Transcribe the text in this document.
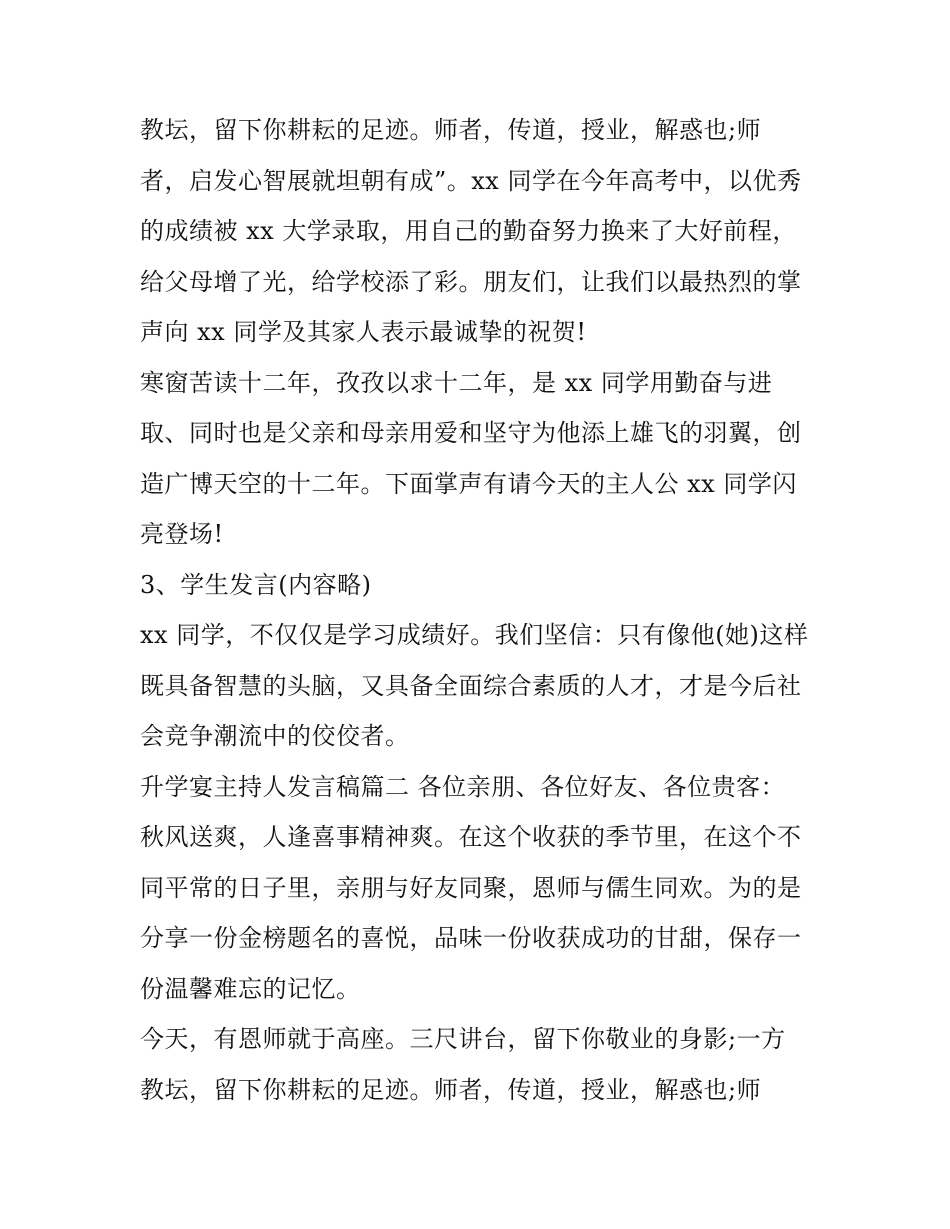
教坛，留下你耕耘的足迹。师者，传道，授业，解惑也;师
者，启发心智展就坦朝有成”。xx 同学在今年高考中，以优秀
的成绩被 xx 大学录取，用自己的勤奋努力换来了大好前程，
给父母增了光，给学校添了彩。朋友们，让我们以最热烈的掌
声向 xx 同学及其家人表示最诚挚的祝贺!
寒窗苦读十二年，孜孜以求十二年，是 xx 同学用勤奋与进
取、同时也是父亲和母亲用爱和坚守为他添上雄飞的羽翼，创
造广博天空的十二年。下面掌声有请今天的主人公 xx 同学闪
亮登场!
3、学生发言(内容略)
xx 同学，不仅仅是学习成绩好。我们坚信：只有像他(她)这样
既具备智慧的头脑，又具备全面综合素质的人才，才是今后社
会竞争潮流中的佼佼者。
升学宴主持人发言稿篇二 各位亲朋、各位好友、各位贵客：
秋风送爽，人逢喜事精神爽。在这个收获的季节里，在这个不
同平常的日子里，亲朋与好友同聚，恩师与儒生同欢。为的是
分享一份金榜题名的喜悦，品味一份收获成功的甘甜，保存一
份温馨难忘的记忆。
今天，有恩师就于高座。三尺讲台，留下你敬业的身影;一方
教坛，留下你耕耘的足迹。师者，传道，授业，解惑也;师
